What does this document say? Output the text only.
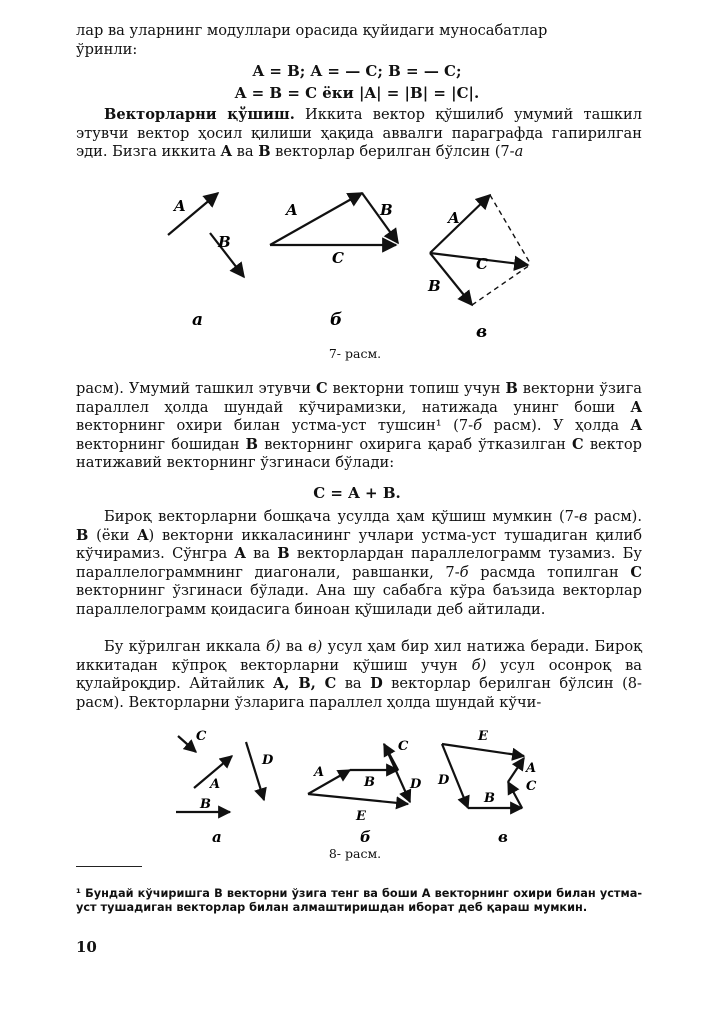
лар ва уларнинг модуллари орасида қуйидаги муносабатлар
ўринли:

A = B; A = — C; B = — C;
A = B = C ёки |A| = |B| = |C|.

Векторларни қўшиш. Иккита вектор қўшилиб умумий ташкил этувчи вектор ҳосил қилиши ҳақида аввалги параграфда гапирилган эди. Бизга иккита A ва B векторлар берилган бўлсин (7-а

A
B
а
A	B
C
б
A
B
C
в
7- расм.

расм). Умумий ташкил этувчи C векторни топиш учун B векторни ўзига параллел ҳолда шундай кўчирамизки, натижада унинг боши A векторнинг охири билан устма-уст тушсин¹ (7-б расм). У ҳолда A векторнинг бошидан B векторнинг охирига қараб ўтказилган C вектор натижавий векторнинг ўзгинаси бўлади:

C = A + B.

Бироқ векторларни бошқача усулда ҳам қўшиш мумкин (7-в расм). B (ёки A) векторни иккаласининг учлари устма-уст тушадиган қилиб кўчирамиз. Сўнгра A ва B векторлардан параллелограмм тузамиз. Бу параллелограммнинг диагонали, равшанки, 7-б расмда топилган C векторнинг ўзгинаси бўлади. Ана шу сабабга кўра баъзида векторлар параллелограмм қоидасига биноан қўшилади деб айтилади.

Бу кўрилган иккала б) ва в) усул ҳам бир хил натижа беради. Бироқ иккитадан кўпроқ векторларни қўшиш учун б) усул осонроқ ва қулайроқдир. Айтайлик A, B, C ва D векторлар берилган бўлсин (8-расм). Векторларни ўзларига параллел ҳолда шундай кўчи-

C
A
B
D
а
A
B
C
D
E
б
E
D
B
C
A
в
8- расм.

¹ Бундай кўчиришга B векторни ўзига тенг ва боши A векторнинг охири билан устма-уст тушадиган векторлар билан алмаштиришдан иборат деб қараш мумкин.

10
